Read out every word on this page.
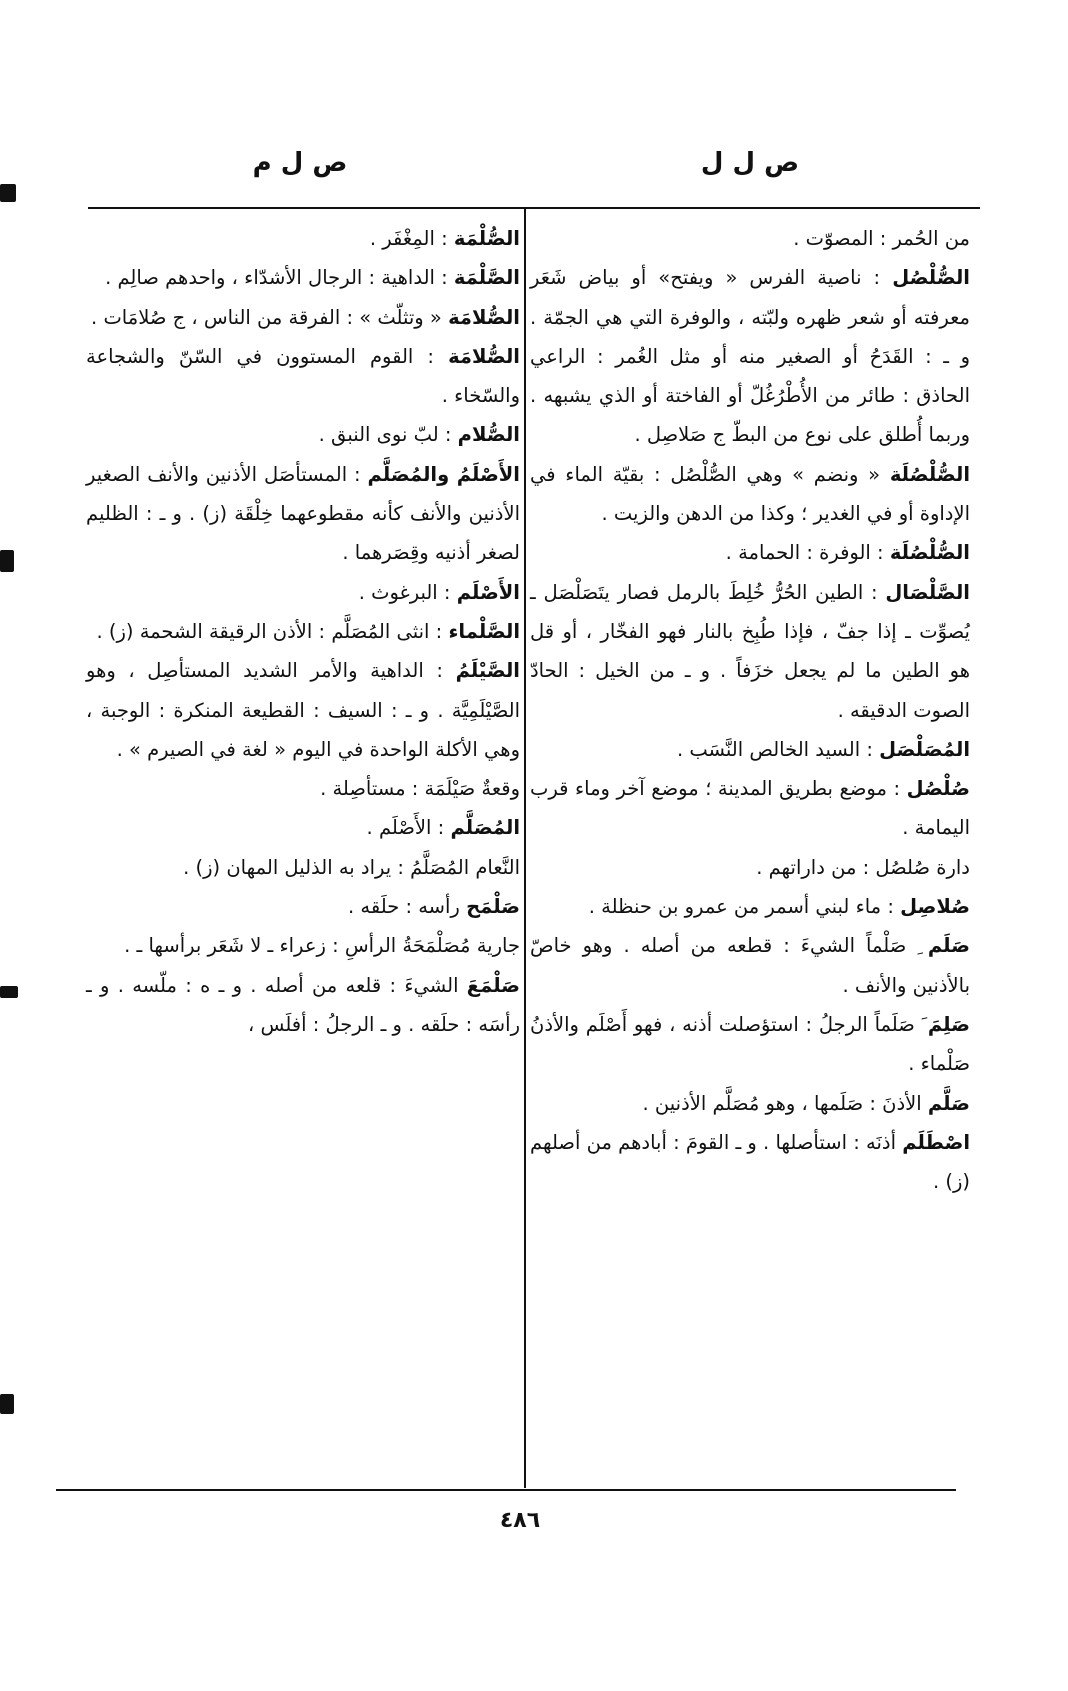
ص ل ل
ص ل م

من الحُمر : المصوّت .

الصُّلْصُل : ناصية الفرس « ويفتح» أو بياض شَعَر معرفته أو شعر ظهره ولبّته ، والوفرة التي هي الجمّة . و ـ : القَدَحُ أو الصغير منه أو مثل الغُمر : الراعي الحاذق : طائر من الأُطْرُغُلّ أو الفاختة أو الذي يشبهه . وربما أُطلق على نوع من البطّ ج صَلاصِل .

الصُّلْصُلَة « ونضم » وهي الصُّلْصُل : بقيّة الماء في الإداوة أو في الغدير ؛ وكذا من الدهن والزيت .

الصُّلْصُلَة : الوفرة : الحمامة .

الصَّلْصَال : الطين الحُرُّ خُلِطَ بالرمل فصار يتَصَلْصَل ـ يُصوِّت ـ إذا جفّ ، فإذا طُبِخ بالنار فهو الفخّار ، أو قل هو الطين ما لم يجعل خزَفاً . و ـ من الخيل : الحادّ الصوت الدقيقه .

المُصَلْصَل : السيد الخالص النَّسَب .

صُلْصُل : موضع بطريق المدينة ؛ موضع آخر وماء قرب اليمامة .

دارة صُلصُل : من داراتهم .

صُلاصِل : ماء لبني أسمر من عمرو بن حنظلة .

صَلَم ِ صَلْماً الشيءَ : قطعه من أصله . وهو خاصّ بالأذنين والأنف .

صَلِمَ َ صَلَماً الرجلُ : استؤصلت أذنه ، فهو أَصْلَم والأذنُ صَلْماء .

صَلَّم الأذنَ : صَلَمها ، وهو مُصَلَّم الأذنين .

اصْطَلَم أذنَه : استأصلها . و ـ القومَ : أبادهم من أصلهم (ز) .

الصُّلْمَة : المِغْفَر .

الصَّلْمَة : الداهية : الرجال الأشدّاء ، واحدهم صالِم .

الصُّلامَة « وتثلّث » : الفرقة من الناس ، ج صُلامَات .

الصُّلامَة : القوم المستوون في السّنّ والشجاعة والسّخاء .

الصُّلام : لبّ نوى النبق .

الأَصْلَمُ والمُصَلَّم : المستأصَل الأذنين والأنف الصغير الأذنين والأنف كأنه مقطوعهما خِلْقَة (ز) . و ـ : الظليم لصغر أذنيه وقِصَرهما .

الأَصْلَم : البرغوث .

الصَّلْماء : انثى المُصَلَّم : الأذن الرقيقة الشحمة (ز) .

الصَّيْلَمُ : الداهية والأمر الشديد المستأصِل ، وهو الصَّيْلَمِيَّة . و ـ : السيف : القطيعة المنكرة : الوجبة ، وهي الأكلة الواحدة في اليوم « لغة في الصيرم » .

وقعةٌ صَيْلَمَة : مستأصِلة .

المُصَلَّم : الأَصْلَم .

النَّعام المُصَلَّمُ : يراد به الذليل المهان (ز) .

صَلْمَح رأسه : حلَقه .

جارية مُصَلْمَحَةُ الرأسِ : زعراء ـ لا شَعَر برأسها ـ .

صَلْمَعَ الشيءَ : قلعه من أصله . و ـ ه : ملّسه . و ـ رأسَه : حلَقه . و ـ الرجلُ : أفلَس ،

٤٨٦
